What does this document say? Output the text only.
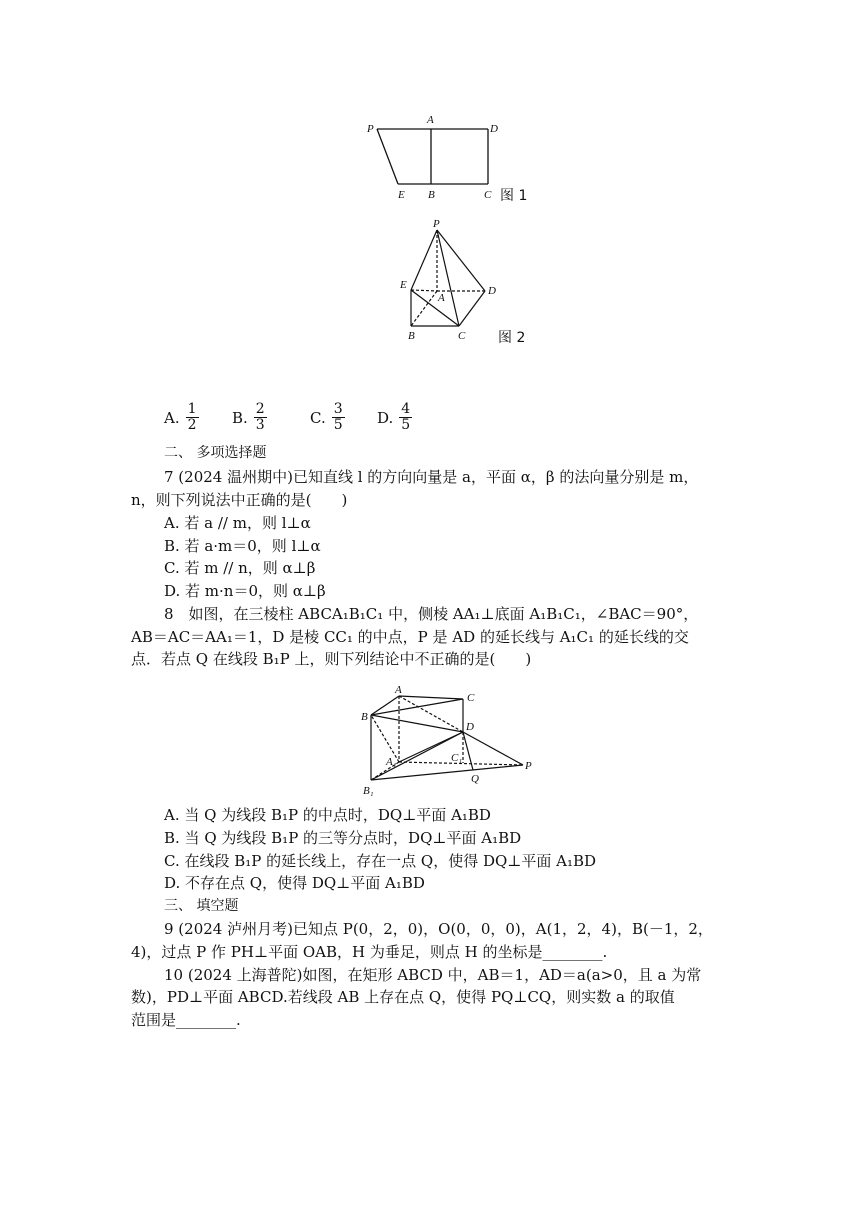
P
A
D
E B	C 图 1
P
E
A
D
B	C 图 2
A. $\frac{1}{2} B$. $\frac{2}{3}$	C. $\frac{3}{5} D$. $\frac{4}{5}$
二、 多项选择题
7 (2024 温州期中)已知直线 l 的方向向量是 a，平面 α，β 的法向量分别是 m，
n，则下列说法中正确的是(　　)
A. 若 a // m，则 l⊥α
B. 若 a·m＝0，则 l⊥α
C. 若 m // n，则 α⊥β
D. 若 m·n＝0，则 α⊥β
8　如图，在三棱柱 ABCA₁B₁C₁ 中，侧棱 AA₁⊥底面 A₁B₁C₁，∠BAC＝90°，
AB＝AC＝AA₁＝1，D 是棱 CC₁ 的中点，P 是 AD 的延长线与 A₁C₁ 的延长线的交
点．若点 Q 在线段 B₁P 上，则下列结论中不正确的是(　　)
A
C
B
D
A₁	C₁
Q
P
B₁
A. 当 Q 为线段 B₁P 的中点时，DQ⊥平面 A₁BD
B. 当 Q 为线段 B₁P 的三等分点时，DQ⊥平面 A₁BD
C. 在线段 B₁P 的延长线上，存在一点 Q，使得 DQ⊥平面 A₁BD
D. 不存在点 Q，使得 DQ⊥平面 A₁BD
三、 填空题
9 (2024 泸州月考)已知点 P(0，2，0)，O(0，0，0)，A(1，2，4)，B(－1，2，
4)，过点 P 作 PH⊥平面 OAB，H 为垂足，则点 H 的坐标是________.
10 (2024 上海普陀)如图，在矩形 ABCD 中，AB＝1，AD＝a(a>0，且 a 为常
数)，PD⊥平面 ABCD.若线段 AB 上存在点 Q，使得 PQ⊥CQ，则实数 a 的取值
范围是________.
